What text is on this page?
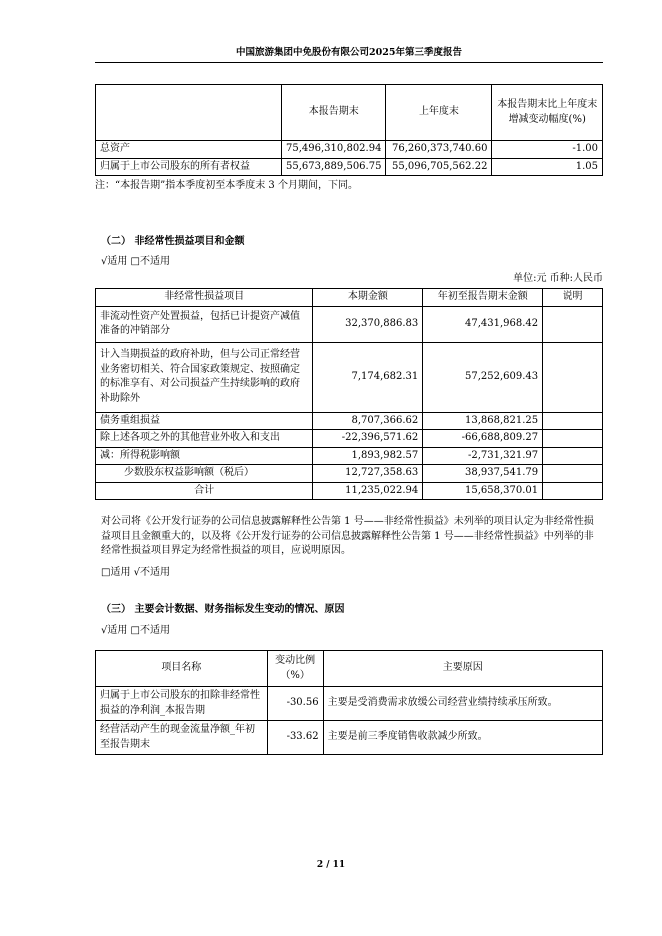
中国旅游集团中免股份有限公司2025年第三季度报告
	本报告期末	上年度末	本报告期末比上年度末增减变动幅度(%)
总资产	75,496,310,802.94	76,260,373,740.60	-1.00
归属于上市公司股东的所有者权益	55,673,889,506.75	55,096,705,562.22	1.05
注：“本报告期”指本季度初至本季度末 3 个月期间，下同。
（二） 非经常性损益项目和金额
√适用 □不适用
单位:元 币种:人民币
非经常性损益项目	本期金额	年初至报告期末金额	说明
非流动性资产处置损益，包括已计提资产减值准备的冲销部分	32,370,886.83	47,431,968.42	
计入当期损益的政府补助，但与公司正常经营业务密切相关、符合国家政策规定、按照确定的标准享有、对公司损益产生持续影响的政府补助除外	7,174,682.31	57,252,609.43	
债务重组损益	8,707,366.62	13,868,821.25	
除上述各项之外的其他营业外收入和支出	-22,396,571.62	-66,688,809.27	
减：所得税影响额	1,893,982.57	-2,731,321.97	
少数股东权益影响额（税后）	12,727,358.63	38,937,541.79	
合计	11,235,022.94	15,658,370.01	
对公司将《公开发行证券的公司信息披露解释性公告第 1 号——非经常性损益》未列举的项目认定为非经常性损益项目且金额重大的，以及将《公开发行证券的公司信息披露解释性公告第 1 号——非经常性损益》中列举的非经常性损益项目界定为经常性损益的项目，应说明原因。
□适用 √不适用
（三） 主要会计数据、财务指标发生变动的情况、原因
√适用 □不适用
项目名称	变动比例（%）	主要原因
归属于上市公司股东的扣除非经常性损益的净利润_本报告期	-30.56	主要是受消费需求放缓公司经营业绩持续承压所致。
经营活动产生的现金流量净额_年初至报告期末	-33.62	主要是前三季度销售收款减少所致。
2 / 11
